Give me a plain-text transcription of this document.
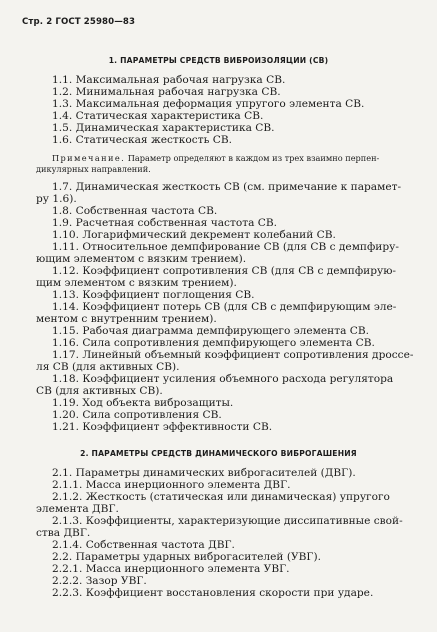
Стр. 2 ГОСТ 25980—83
1. ПАРАМЕТРЫ СРЕДСТВ ВИБРОИЗОЛЯЦИИ (СВ)
1.1. Максимальная рабочая нагрузка СВ.
1.2. Минимальная рабочая нагрузка СВ.
1.3. Максимальная деформация упругого элемента СВ.
1.4. Статическая характеристика СВ.
1.5. Динамическая характеристика СВ.
1.6. Статическая жесткость СВ.
Примечание. Параметр определяют в каждом из трех взаимно перпен-
дикулярных направлений.
1.7. Динамическая жесткость СВ (см. примечание к парамет-
ру 1.6).
1.8. Собственная частота СВ.
1.9. Расчетная собственная частота СВ.
1.10. Логарифмический декремент колебаний СВ.
1.11. Относительное демпфирование СВ (для СВ с демпфиру-
ющим элементом с вязким трением).
1.12. Коэффициент сопротивления СВ (для СВ с демпфирую-
щим элементом с вязким трением).
1.13. Коэффициент поглощения СВ.
1.14. Коэффициент потерь СВ (для СВ с демпфирующим эле-
ментом с внутренним трением).
1.15. Рабочая диаграмма демпфирующего элемента СВ.
1.16. Сила сопротивления демпфирующего элемента СВ.
1.17. Линейный объемный коэффициент сопротивления дроссе-
ля СВ (для активных СВ).
1.18. Коэффициент усиления объемного расхода регулятора
СВ (для активных СВ).
1.19. Ход объекта виброзащиты.
1.20. Сила сопротивления СВ.
1.21. Коэффициент эффективности СВ.
2. ПАРАМЕТРЫ СРЕДСТВ ДИНАМИЧЕСКОГО ВИБРОГАШЕНИЯ
2.1. Параметры динамических виброгасителей (ДВГ).
2.1.1. Масса инерционного элемента ДВГ.
2.1.2. Жесткость (статическая или динамическая) упругого
элемента ДВГ.
2.1.3. Коэффициенты, характеризующие диссипативные свой-
ства ДВГ.
2.1.4. Собственная частота ДВГ.
2.2. Параметры ударных виброгасителей (УВГ).
2.2.1. Масса инерционного элемента УВГ.
2.2.2. Зазор УВГ.
2.2.3. Коэффициент восстановления скорости при ударе.
